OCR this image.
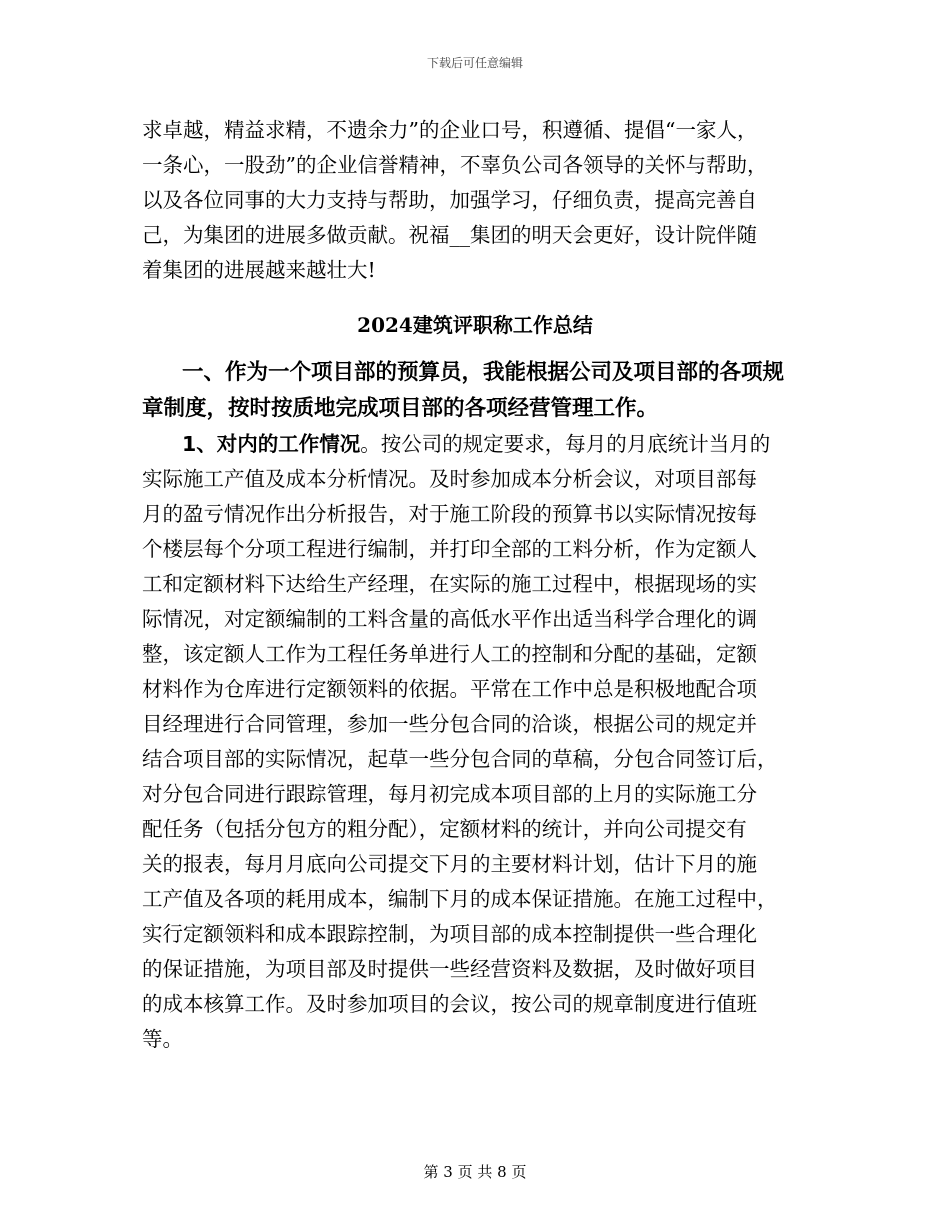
下载后可任意编辑
求卓越，精益求精，不遗余力”的企业口号，积遵循、提倡“一家人，
一条心，一股劲”的企业信誉精神，不辜负公司各领导的关怀与帮助，
以及各位同事的大力支持与帮助，加强学习，仔细负责，提高完善自
己，为集团的进展多做贡献。祝福__集团的明天会更好，设计院伴随
着集团的进展越来越壮大!
2024建筑评职称工作总结
一、作为一个项目部的预算员，我能根据公司及项目部的各项规
章制度，按时按质地完成项目部的各项经营管理工作。
1、对内的工作情况。按公司的规定要求，每月的月底统计当月的
实际施工产值及成本分析情况。及时参加成本分析会议，对项目部每
月的盈亏情况作出分析报告，对于施工阶段的预算书以实际情况按每
个楼层每个分项工程进行编制，并打印全部的工料分析，作为定额人
工和定额材料下达给生产经理，在实际的施工过程中，根据现场的实
际情况，对定额编制的工料含量的高低水平作出适当科学合理化的调
整，该定额人工作为工程任务单进行人工的控制和分配的基础，定额
材料作为仓库进行定额领料的依据。平常在工作中总是积极地配合项
目经理进行合同管理，参加一些分包合同的洽谈，根据公司的规定并
结合项目部的实际情况，起草一些分包合同的草稿，分包合同签订后，
对分包合同进行跟踪管理，每月初完成本项目部的上月的实际施工分
配任务（包括分包方的粗分配），定额材料的统计，并向公司提交有
关的报表，每月月底向公司提交下月的主要材料计划，估计下月的施
工产值及各项的耗用成本，编制下月的成本保证措施。在施工过程中，
实行定额领料和成本跟踪控制，为项目部的成本控制提供一些合理化
的保证措施，为项目部及时提供一些经营资料及数据，及时做好项目
的成本核算工作。及时参加项目的会议，按公司的规章制度进行值班
等。
第 3 页 共 8 页
